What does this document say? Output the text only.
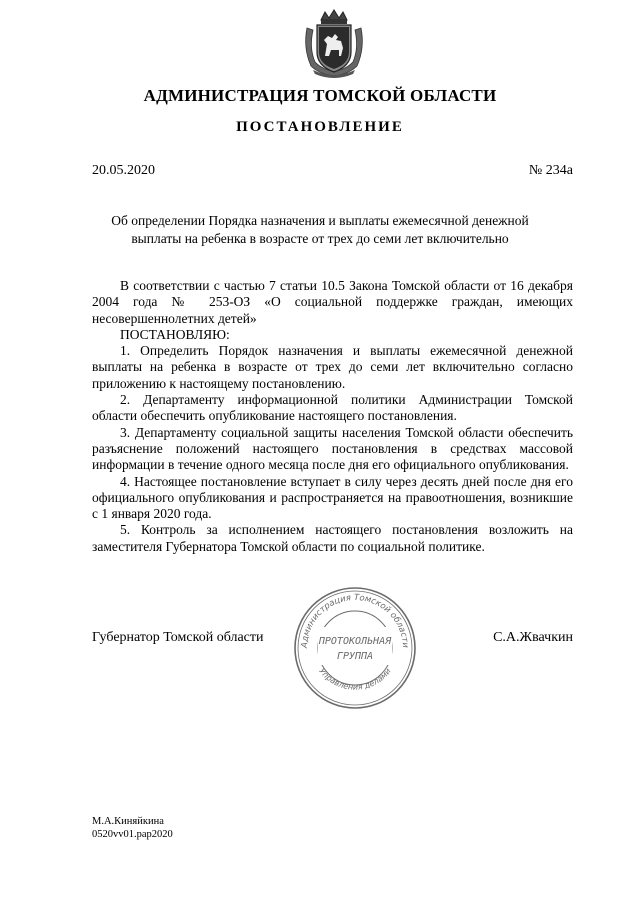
АДМИНИСТРАЦИЯ ТОМСКОЙ ОБЛАСТИ
ПОСТАНОВЛЕНИЕ
20.05.2020	№ 234а
Об определении Порядка назначения и выплаты ежемесячной денежной выплаты на ребенка в возрасте от трех до семи лет включительно

В соответствии с частью 7 статьи 10.5 Закона Томской области от 16 декабря 2004 года № 253-ОЗ «О социальной поддержке граждан, имеющих несовершеннолетних детей»

ПОСТАНОВЛЯЮ:

1. Определить Порядок назначения и выплаты ежемесячной денежной выплаты на ребенка в возрасте от трех до семи лет включительно согласно приложению к настоящему постановлению.

2. Департаменту информационной политики Администрации Томской области обеспечить опубликование настоящего постановления.

3. Департаменту социальной защиты населения Томской области обеспечить разъяснение положений настоящего постановления в средствах массовой информации в течение одного месяца после дня его официального опубликования.

4. Настоящее постановление вступает в силу через десять дней после дня его официального опубликования и распространяется на правоотношения, возникшие с 1 января 2020 года.

5. Контроль за исполнением настоящего постановления возложить на заместителя Губернатора Томской области по социальной политике.

Губернатор Томской области	С.А.Жвачкин
Администрация Томской области
Управления делами
ПРОТОКОЛЬНАЯ
ГРУППА
М.А.Киняйкина
0520vv01.pap2020
